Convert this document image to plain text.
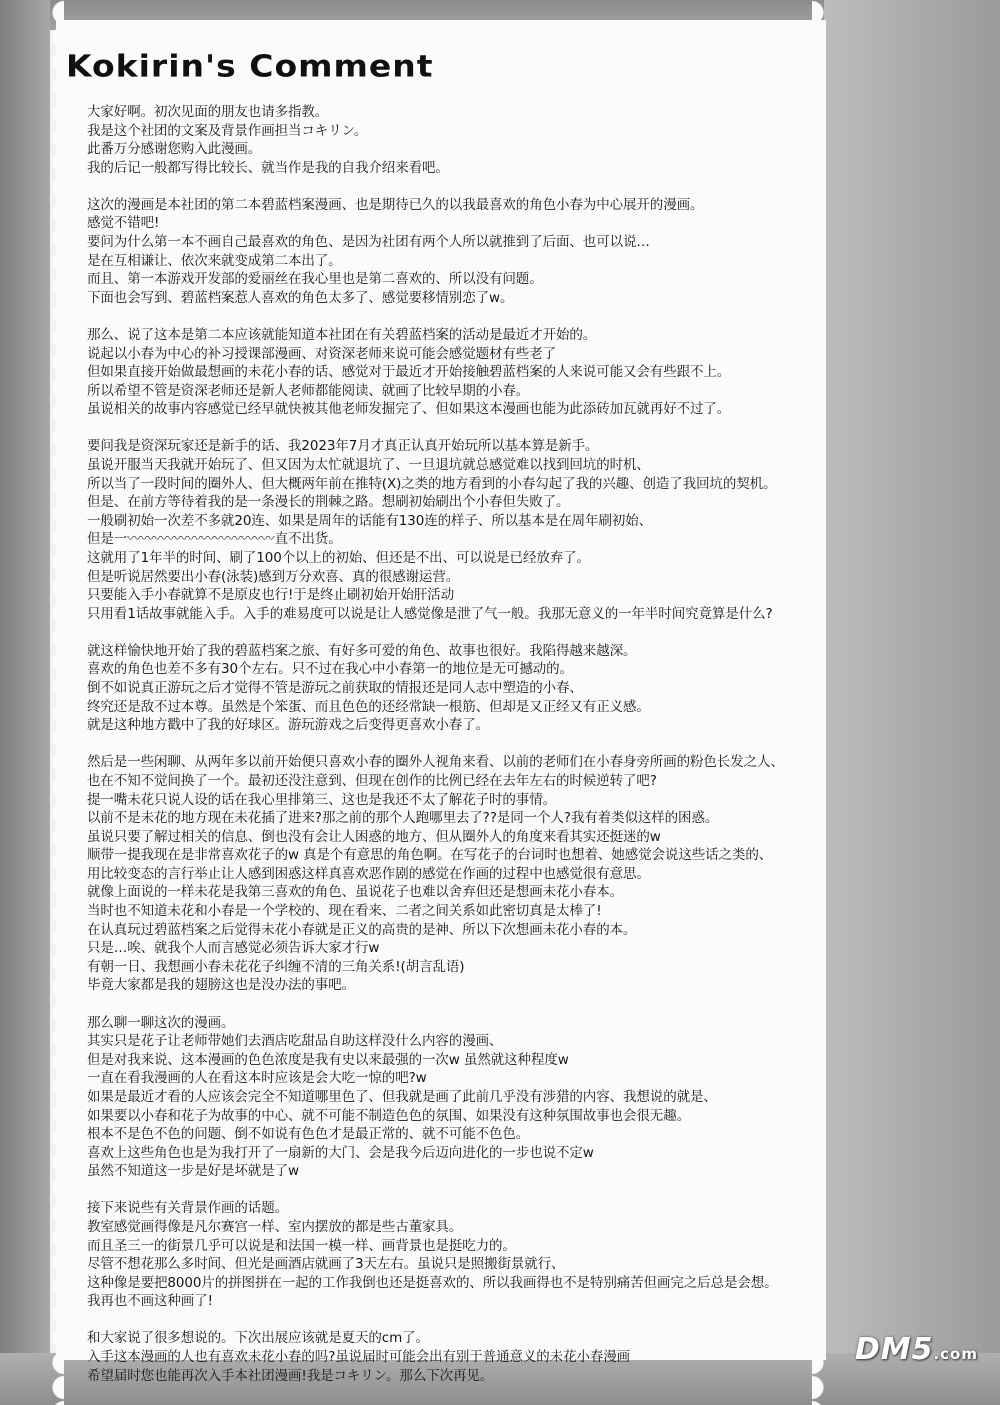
Kokirin's Comment
大家好啊。初次见面的朋友也请多指教。
我是这个社团的文案及背景作画担当コキリン。
此番万分感谢您购入此漫画。
我的后记一般都写得比较长、就当作是我的自我介绍来看吧。
这次的漫画是本社团的第二本碧蓝档案漫画、也是期待已久的以我最喜欢的角色小春为中心展开的漫画。
感觉不错吧!
要问为什么第一本不画自己最喜欢的角色、是因为社团有两个人所以就推到了后面、也可以说…
是在互相谦让、依次来就变成第二本出了。
而且、第一本游戏开发部的爱丽丝在我心里也是第二喜欢的、所以没有问题。
下面也会写到、碧蓝档案惹人喜欢的角色太多了、感觉要移情别恋了w。
那么、说了这本是第二本应该就能知道本社团在有关碧蓝档案的活动是最近才开始的。
说起以小春为中心的补习授课部漫画、对资深老师来说可能会感觉题材有些老了
但如果直接开始做最想画的未花小春的话、感觉对于最近才开始接触碧蓝档案的人来说可能又会有些跟不上。
所以希望不管是资深老师还是新人老师都能阅读、就画了比较早期的小春。
虽说相关的故事内容感觉已经早就快被其他老师发掘完了、但如果这本漫画也能为此添砖加瓦就再好不过了。
要问我是资深玩家还是新手的话、我2023年7月才真正认真开始玩所以基本算是新手。
虽说开服当天我就开始玩了、但又因为太忙就退坑了、一旦退坑就总感觉难以找到回坑的时机、
所以当了一段时间的圈外人、但大概两年前在推特(X)之类的地方看到的小春勾起了我的兴趣、创造了我回坑的契机。
但是、在前方等待着我的是一条漫长的荆棘之路。想刷初始刷出个小春但失败了。
一般刷初始一次差不多就20连、如果是周年的话能有130连的样子、所以基本是在周年刷初始、
但是一〰〰〰〰〰〰〰〰〰〰〰直不出货。
这就用了1年半的时间、刷了100个以上的初始、但还是不出、可以说是已经放弃了。
但是听说居然要出小春(泳装)感到万分欢喜、真的很感谢运营。
只要能入手小春就算不是原皮也行!于是终止刷初始开始肝活动
只用看1话故事就能入手。入手的难易度可以说是让人感觉像是泄了气一般。我那无意义的一年半时间究竟算是什么?
就这样愉快地开始了我的碧蓝档案之旅、有好多可爱的角色、故事也很好。我陷得越来越深。
喜欢的角色也差不多有30个左右。只不过在我心中小春第一的地位是无可撼动的。
倒不如说真正游玩之后才觉得不管是游玩之前获取的情报还是同人志中塑造的小春、
终究还是敌不过本尊。虽然是个笨蛋、而且色色的还经常缺一根筋、但却是又正经又有正义感。
就是这种地方戳中了我的好球区。游玩游戏之后变得更喜欢小春了。
然后是一些闲聊、从两年多以前开始便只喜欢小春的圈外人视角来看、以前的老师们在小春身旁所画的粉色长发之人、
也在不知不觉间换了一个。最初还没注意到、但现在创作的比例已经在去年左右的时候逆转了吧?
提一嘴未花只说人设的话在我心里排第三、这也是我还不太了解花子时的事情。
以前不是未花的地方现在未花插了进来?那之前的那个人跑哪里去了??是同一个人?我有着类似这样的困惑。
虽说只要了解过相关的信息、倒也没有会让人困惑的地方、但从圈外人的角度来看其实还挺迷的w
顺带一提我现在是非常喜欢花子的w 真是个有意思的角色啊。在写花子的台词时也想着、她感觉会说这些话之类的、
用比较变态的言行举止让人感到困惑这样真喜欢恶作剧的感觉在作画的过程中也感觉很有意思。
就像上面说的一样未花是我第三喜欢的角色、虽说花子也难以舍弃但还是想画未花小春本。
当时也不知道未花和小春是一个学校的、现在看来、二者之间关系如此密切真是太棒了!
在认真玩过碧蓝档案之后觉得未花小春就是正义的高贵的是神、所以下次想画未花小春的本。
只是…唉、就我个人而言感觉必须告诉大家才行w
有朝一日、我想画小春未花花子纠缠不清的三角关系!(胡言乱语)
毕竟大家都是我的翅膀这也是没办法的事吧。
那么聊一聊这次的漫画。
其实只是花子让老师带她们去酒店吃甜品自助这样没什么内容的漫画、
但是对我来说、这本漫画的色色浓度是我有史以来最强的一次w 虽然就这种程度w
一直在看我漫画的人在看这本时应该是会大吃一惊的吧?w
如果是最近才看的人应该会完全不知道哪里色了、但我就是画了此前几乎没有涉猎的内容、我想说的就是、
如果要以小春和花子为故事的中心、就不可能不制造色色的氛围、如果没有这种氛围故事也会很无趣。
根本不是色不色的问题、倒不如说有色色才是最正常的、就不可能不色色。
喜欢上这些角色也是为我打开了一扇新的大门、会是我今后迈向进化的一步也说不定w
虽然不知道这一步是好是坏就是了w
接下来说些有关背景作画的话题。
教室感觉画得像是凡尔赛宫一样、室内摆放的都是些古董家具。
而且圣三一的街景几乎可以说是和法国一模一样、画背景也是挺吃力的。
尽管不想花那么多时间、但光是画酒店就画了3天左右。虽说只是照搬街景就行、
这种像是要把8000片的拼图拼在一起的工作我倒也还是挺喜欢的、所以我画得也不是特别痛苦但画完之后总是会想。
我再也不画这种画了!
和大家说了很多想说的。下次出展应该就是夏天的cm了。
入手这本漫画的人也有喜欢未花小春的吗?虽说届时可能会出有别于普通意义的未花小春漫画
希望届时您也能再次入手本社团漫画!我是コキリン。那么下次再见。
DM5.com
